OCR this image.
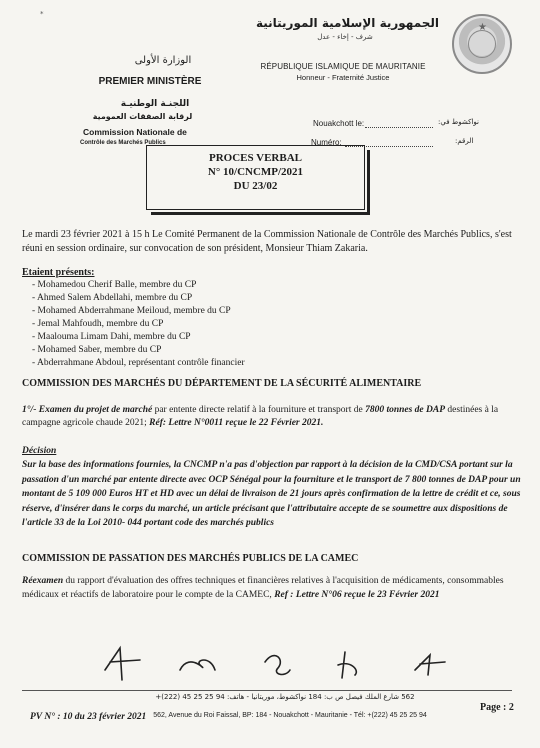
*
الجمهورية الإسلامية الموريتانية
شرف - إخاء - عدل
★
RÉPUBLIQUE ISLAMIQUE DE MAURITANIE
Honneur - Fraternité Justice
الوزارة الأولى
PREMIER MINISTÈRE
اللجنـة الوطنيـة
لرقابة الصفقات العمومية
Commission Nationale de
Contrôle des Marchés Publics
Nouakchott le:	نواكشوط في:
Numéro:	الرقم:
PROCES VERBAL
N° 10/CNCMP/2021
DU 23/02

Le mardi 23 février 2021 à 15 h Le Comité Permanent de la Commission Nationale de Contrôle des Marchés Publics, s'est réuni en session ordinaire, sur convocation de son président, Monsieur Thiam Zakaria.

Etaient présents:
- Mohamedou Cherif Balle, membre du CP
- Ahmed Salem Abdellahi, membre du CP
- Mohamed Abderrahmane Meiloud, membre du CP
- Jemal Mahfoudh, membre du CP
- Maalouma Limam Dahi, membre du CP
- Mohamed Saber, membre du CP
- Abderrahmane Abdoul, représentant contrôle financier
COMMISSION DES MARCHÉS DU DÉPARTEMENT DE LA SÉCURITÉ ALIMENTAIRE

1°/- Examen du projet de marché par entente directe relatif à la fourniture et transport de 7800 tonnes de DAP destinées à la campagne agricole chaude 2021; Réf: Lettre N°0011 reçue le 22 Février 2021.

Décision

Sur la base des informations fournies, la CNCMP n'a pas d'objection par rapport à la décision de la CMD/CSA portant sur la passation d'un marché par entente directe avec OCP Sénégal pour la fourniture et le transport de 7 800 tonnes de DAP pour un montant de 5 109 000 Euros HT et HD avec un délai de livraison de 21 jours après confirmation de la lettre de crédit et ce, sous réserve, d'insérer dans le corps du marché, un article précisant que l'attributaire accepte de se soumettre aux dispositions de l'article 33 de la Loi 2010- 044 portant code des marchés publics

COMMISSION DE PASSATION DES MARCHÉS PUBLICS DE LA CAMEC

Réexamen du rapport d'évaluation des offres techniques et financières relatives à l'acquisition de médicaments, consommables médicaux et réactifs de laboratoire pour le compte de la CAMEC, Ref : Lettre N°06 reçue le 23 Février 2021

562 شارع الملك فيصل ص ب: 184 نواكشوط، موريتانيا - هاتف: 94 25 25 45 (222)+
PV N° : 10 du 23 février 2021 562, Avenue du Roi Faissal, BP: 184 - Nouakchott - Mauritanie - Tél: +(222) 45 25 25 94
Page : 2
